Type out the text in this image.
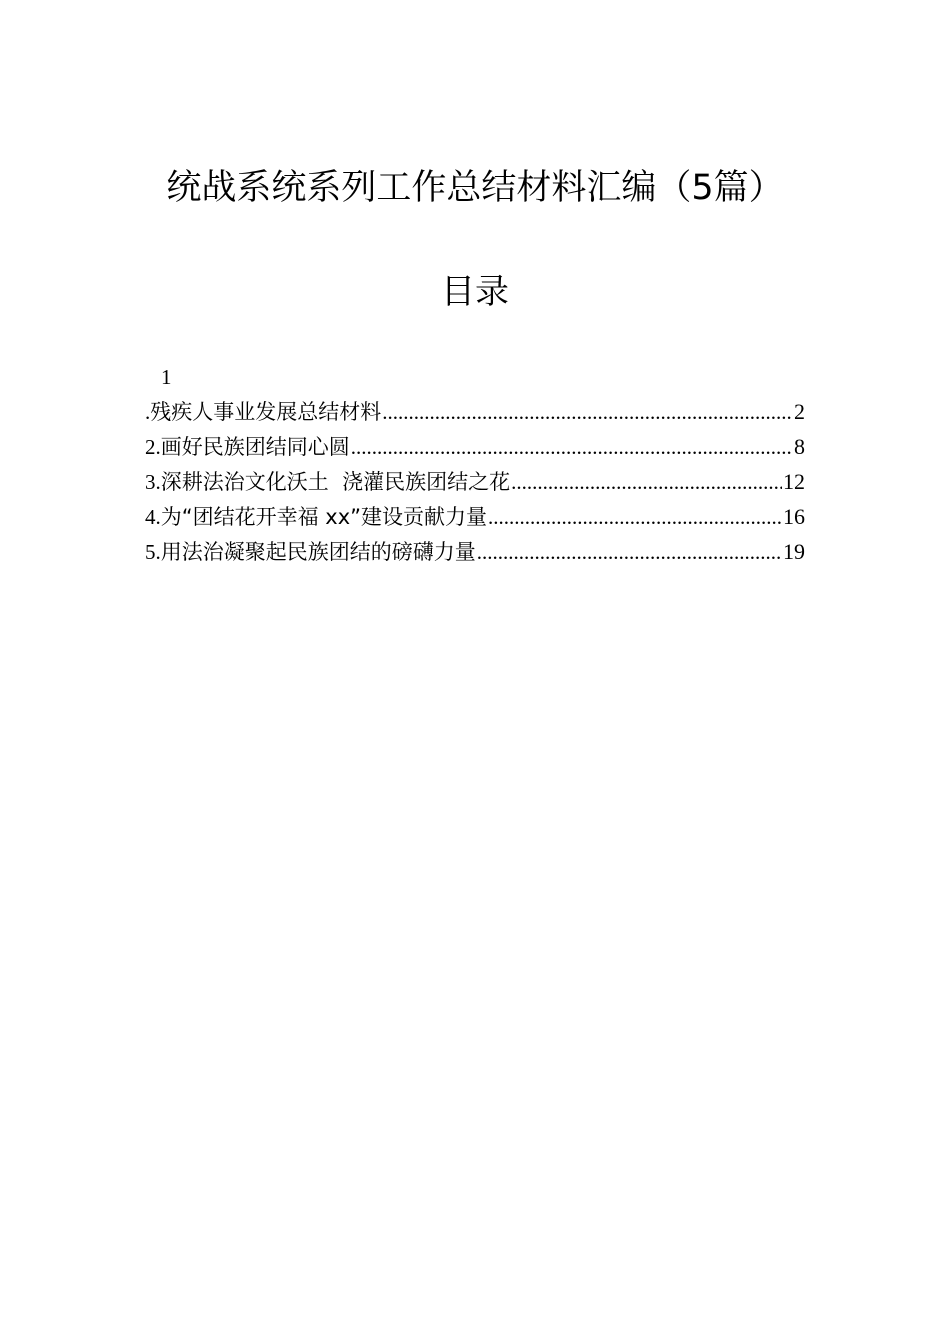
统战系统系列工作总结材料汇编（5篇）
目录
1
.残疾人事业发展总结材料 .....	2
2.画好民族团结同心圆 .....	8
3.深耕法治文化沃土  浇灌民族团结之花 .....	12
4.为“团结花开幸福 xx”建设贡献力量 .....	16
5.用法治凝聚起民族团结的磅礴力量 .....	19
